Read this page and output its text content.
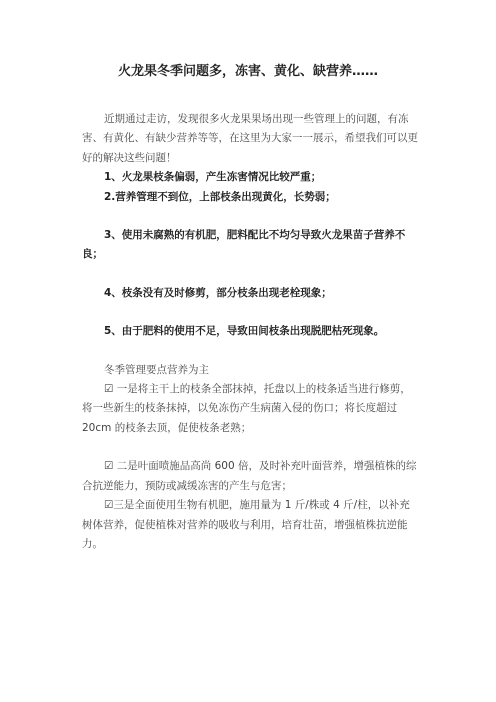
火龙果冬季问题多，冻害、黄化、缺营养……

近期通过走访，发现很多火龙果果场出现一些管理上的问题，有冻害、有黄化、有缺少营养等等，在这里为大家一一展示，希望我们可以更好的解决这些问题！

1、火龙果枝条偏弱，产生冻害情况比较严重；

2.营养管理不到位，上部枝条出现黄化，长势弱；

3、使用未腐熟的有机肥，肥料配比不均匀导致火龙果苗子营养不良；

4、枝条没有及时修剪，部分枝条出现老栓现象；

5、由于肥料的使用不足，导致田间枝条出现脱肥枯死现象。

冬季管理要点营养为主

☑ 一是将主干上的枝条全部抹掉，托盘以上的枝条适当进行修剪，将一些新生的枝条抹掉，以免冻伤产生病菌入侵的伤口；将长度超过20cm 的枝条去顶，促使枝条老熟；

☑ 二是叶面喷施品高尚 600 倍，及时补充叶面营养，增强植株的综合抗逆能力，预防或减缓冻害的产生与危害；

☑三是全面使用生物有机肥，施用量为 1 斤/株或 4 斤/柱，以补充树体营养，促使植株对营养的吸收与利用，培育壮苗，增强植株抗逆能力。
